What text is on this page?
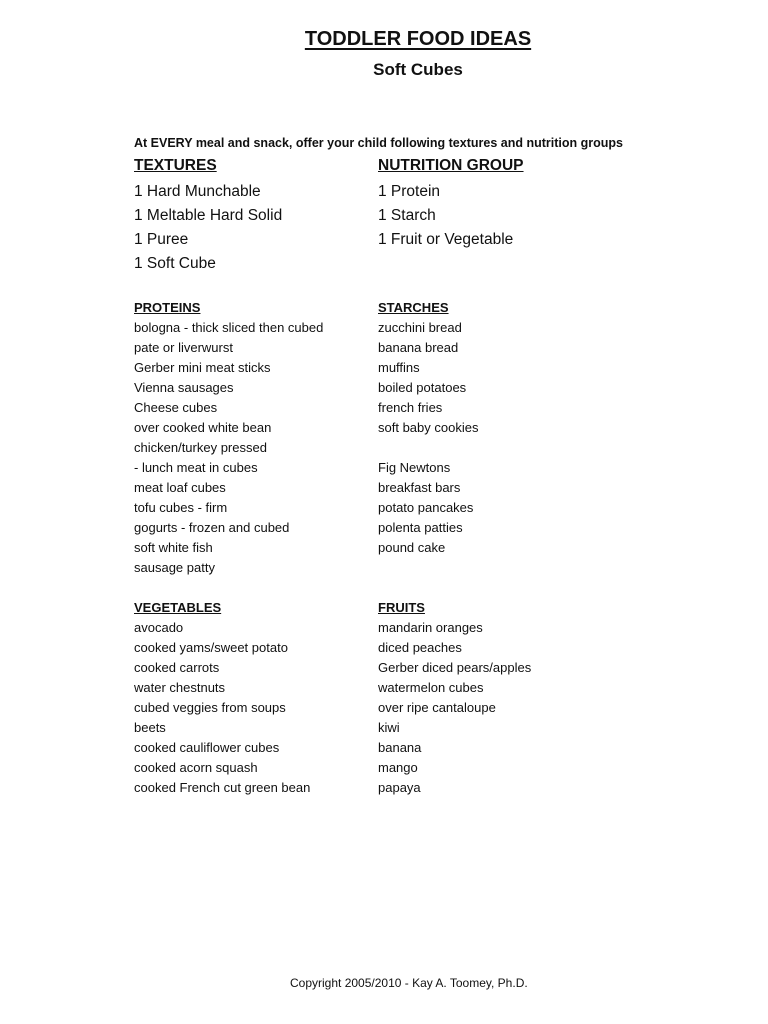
TODDLER FOOD IDEAS
Soft Cubes
At EVERY meal and snack, offer your child following textures and nutrition groups
TEXTURES
1 Hard Munchable
1 Meltable Hard Solid
1 Puree
1 Soft Cube
NUTRITION GROUP
1 Protein
1 Starch
1 Fruit or Vegetable
PROTEINS
bologna - thick sliced then cubed
pate or liverwurst
Gerber mini meat sticks
Vienna sausages
Cheese cubes
over cooked white bean
chicken/turkey pressed
- lunch meat in cubes
meat loaf cubes
tofu cubes - firm
gogurts - frozen and cubed
soft white fish
sausage patty
STARCHES
zucchini bread
banana bread
muffins
boiled potatoes
french fries
soft baby cookies
Fig Newtons
breakfast bars
potato pancakes
polenta patties
pound cake
VEGETABLES
avocado
cooked yams/sweet potato
cooked carrots
water chestnuts
cubed veggies from soups
beets
cooked cauliflower cubes
cooked acorn squash
cooked French cut green bean
FRUITS
mandarin oranges
diced peaches
Gerber diced pears/apples
watermelon cubes
over ripe cantaloupe
kiwi
banana
mango
papaya
Copyright 2005/2010 - Kay A. Toomey, Ph.D.
